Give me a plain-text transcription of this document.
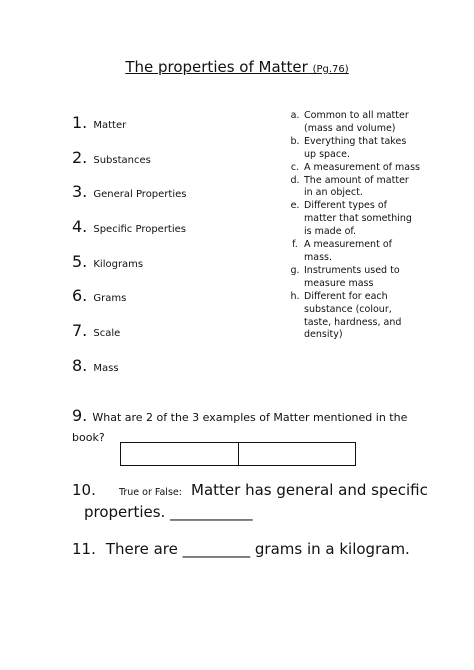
The properties of Matter (Pg.76)
1. Matter
2. Substances
3. General Properties
4. Specific Properties
5. Kilograms
6. Grams
7. Scale
8. Mass
a. Common to all matter
(mass and volume)
b. Everything that takes
up space.
c. A measurement of mass
d. The amount of matter
in an object.
e. Different types of
matter that something
is made of.
f. A measurement of
mass.
g. Instruments used to
measure mass
h. Different for each
substance (colour,
taste, hardness, and
density)
9. What are 2 of the 3 examples of Matter mentioned in the book?
10. True or False: Matter has general and specific
properties. ___________
11. There are _________ grams in a kilogram.
